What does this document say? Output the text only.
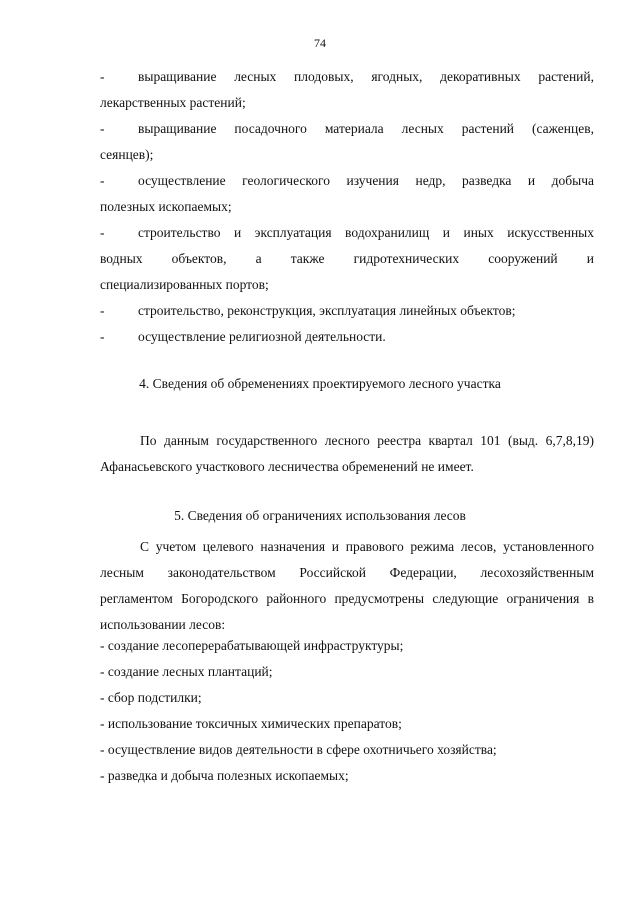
74
-	выращивание лесных плодовых, ягодных, декоративных растений,
лекарственных растений;
-	выращивание посадочного материала лесных растений (саженцев,
сеянцев);
-	осуществление геологического изучения недр, разведка и добыча
полезных ископаемых;
-	строительство и эксплуатация водохранилищ и иных искусственных
водных объектов, а также гидротехнических сооружений и
специализированных портов;
-	строительство, реконструкция, эксплуатация линейных объектов;
-	осуществление религиозной деятельности.
4. Сведения об обременениях проектируемого лесного участка
По данным государственного лесного реестра квартал 101 (выд. 6,7,8,19)
Афанасьевского участкового лесничества обременений не имеет.
5. Сведения об ограничениях использования лесов
С учетом целевого назначения и правового режима лесов, установленного
лесным законодательством Российской Федерации, лесохозяйственным
регламентом Богородского районного предусмотрены следующие ограничения в
использовании лесов:
- создание лесоперерабатывающей инфраструктуры;
- создание лесных плантаций;
- сбор подстилки;
- использование токсичных химических препаратов;
- осуществление видов деятельности в сфере охотничьего хозяйства;
- разведка и добыча полезных ископаемых;
